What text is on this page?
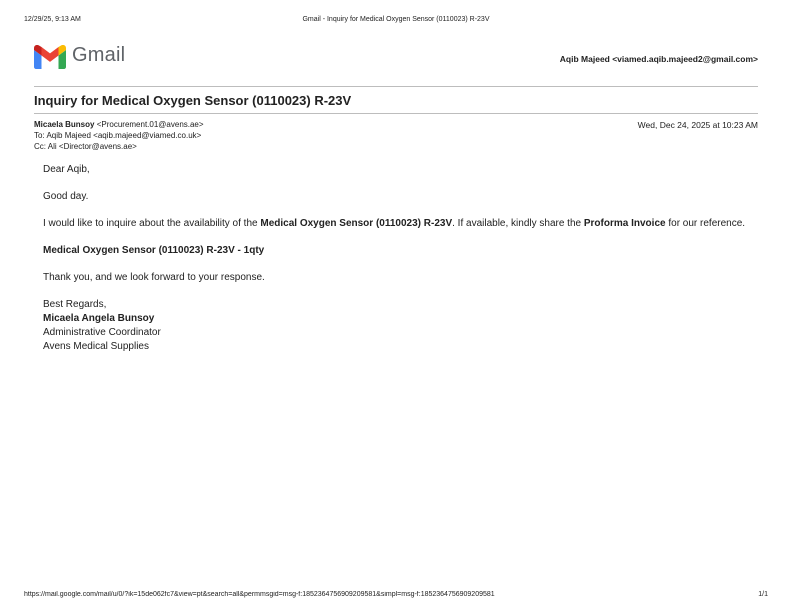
12/29/25, 9:13 AM	Gmail - Inquiry for Medical Oxygen Sensor (0110023) R-23V
Gmail	Aqib Majeed <viamed.aqib.majeed2@gmail.com>
Inquiry for Medical Oxygen Sensor (0110023) R-23V
Micaela Bunsoy <Procurement.01@avens.ae>	Wed, Dec 24, 2025 at 10:23 AM
To: Aqib Majeed <aqib.majeed@viamed.co.uk>
Cc: Ali <Director@avens.ae>

Dear Aqib,

Good day.

I would like to inquire about the availability of the Medical Oxygen Sensor (0110023) R-23V. If available, kindly share the Proforma Invoice for our reference.

Medical Oxygen Sensor (0110023) R-23V - 1qty

Thank you, and we look forward to your response.

Best Regards,
Micaela Angela Bunsoy
Administrative Coordinator
Avens Medical Supplies
https://mail.google.com/mail/u/0/?ik=15de062fc7&view=pt&search=all&permmsgid=msg-f:1852364756909209581&simpl=msg-f:1852364756909209581	1/1
